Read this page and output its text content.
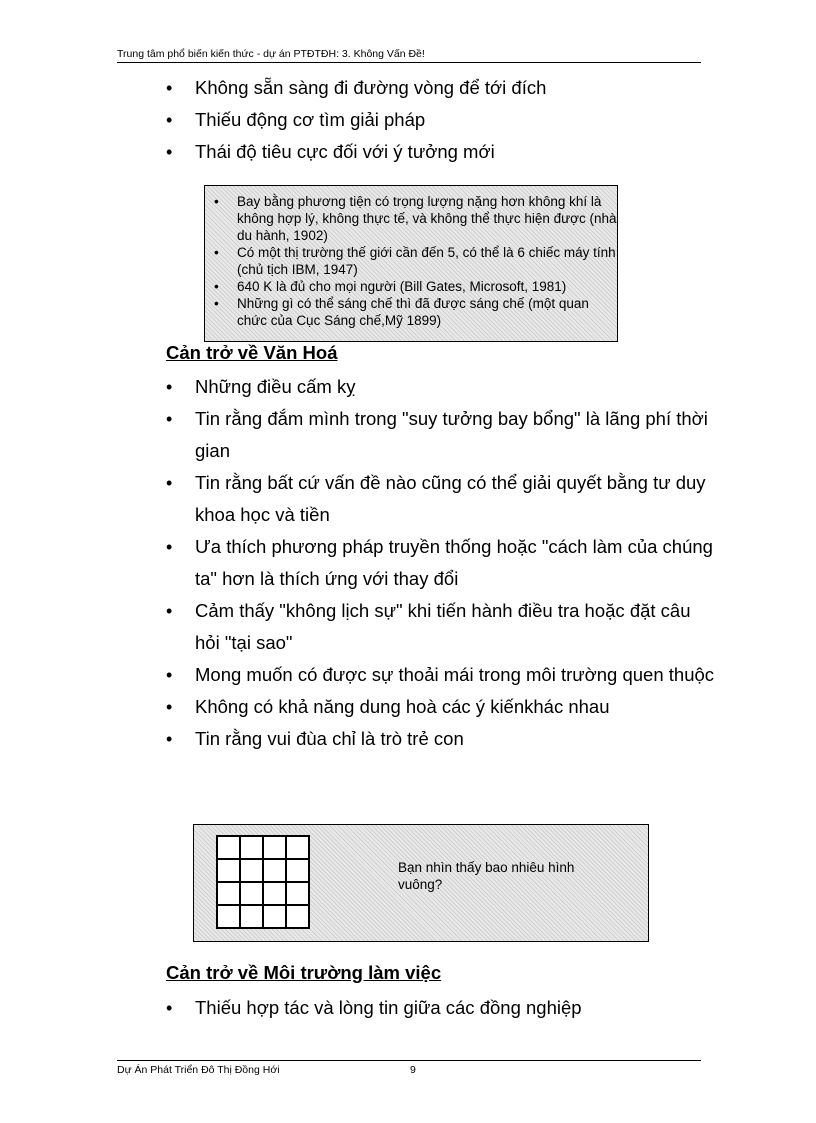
Trung tâm phổ biến kiến thức - dự án PTĐTĐH: 3. Không Vấn Đề!
• Không sẵn sàng đi đường vòng để tới đích
• Thiếu động cơ tìm giải pháp
• Thái độ tiêu cực đối với ý tưởng mới
• Bay bằng phương tiện có trọng lượng nặng hơn không khí là không hợp lý, không thực tế, và không thể thực hiện được (nhà du hành, 1902)
• Có một thị trường thế giới cần đến 5, có thể là 6 chiếc máy tính (chủ tịch IBM, 1947)
• 640 K là đủ cho mọi người (Bill Gates, Microsoft, 1981)
• Những gì có thể sáng chế thì đã được sáng chế (một quan chức của Cục Sáng chế,Mỹ 1899)
Cản trở về Văn Hoá
• Những điều cấm kỵ
• Tin rằng đắm mình trong "suy tưởng bay bổng" là lãng phí thời gian
• Tin rằng bất cứ vấn đề nào cũng có thể giải quyết bằng tư duy khoa học và tiền
• Ưa thích phương pháp truyền thống hoặc "cách làm của chúng ta" hơn là thích ứng với thay đổi
• Cảm thấy "không lịch sự" khi tiến hành điều tra hoặc đặt câu hỏi "tại sao"
• Mong muốn có được sự thoải mái trong môi trường quen thuộc
• Không có khả năng dung hoà các ý kiếnkhác nhau
• Tin rằng vui đùa chỉ là trò trẻ con
Bạn nhìn thấy bao nhiêu hình vuông?
Cản trở về Môi trường làm việc
• Thiếu hợp tác và lòng tin giữa các đồng nghiệp
Dự Án Phát Triển Đô Thị Đồng Hới	9
